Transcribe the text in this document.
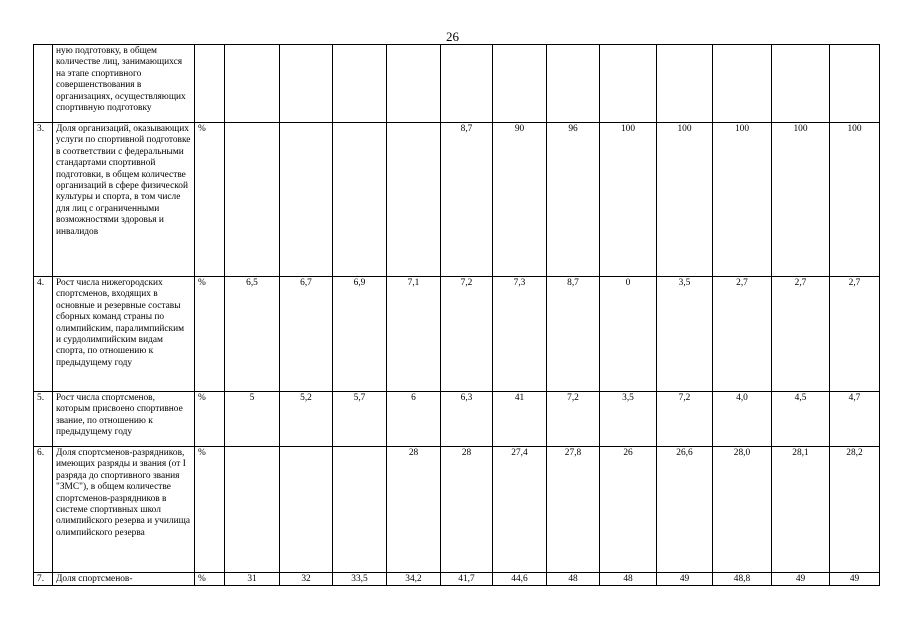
26
	ную подготовку, в общем количестве лиц, занимающихся на этапе спортивного совершенствования в организациях, осуществляющих спортивную подготовку													
3.	Доля организаций, оказывающих услуги по спортивной подготовке в соответствии с федеральными стандартами спортивной подготовки, в общем количестве организаций в сфере физической культуры и спорта, в том числе для лиц с ограниченными возможностями здоровья и инвалидов	%					8,7	90	96	100	100	100	100	100
4.	Рост числа нижегородских спортсменов, входящих в основные и резервные составы сборных команд страны по олимпийским, паралимпийским и сурдолимпийским видам спорта, по отношению к предыдущему году	%	6,5	6,7	6,9	7,1	7,2	7,3	8,7	0	3,5	2,7	2,7	2,7
5.	Рост числа спортсменов, которым присвоено спортивное звание, по отношению к предыдущему году	%	5	5,2	5,7	6	6,3	41	7,2	3,5	7,2	4,0	4,5	4,7
6.	Доля спортсменов-разрядников, имеющих разряды и звания (от I разряда до спортивного звания "ЗМС"), в общем количестве спортсменов-разрядников в системе спортивных школ олимпийского резерва и училища олимпийского резерва	%				28	28	27,4	27,8	26	26,6	28,0	28,1	28,2
7.	Доля спортсменов-	%	31	32	33,5	34,2	41,7	44,6	48	48	49	48,8	49	49
